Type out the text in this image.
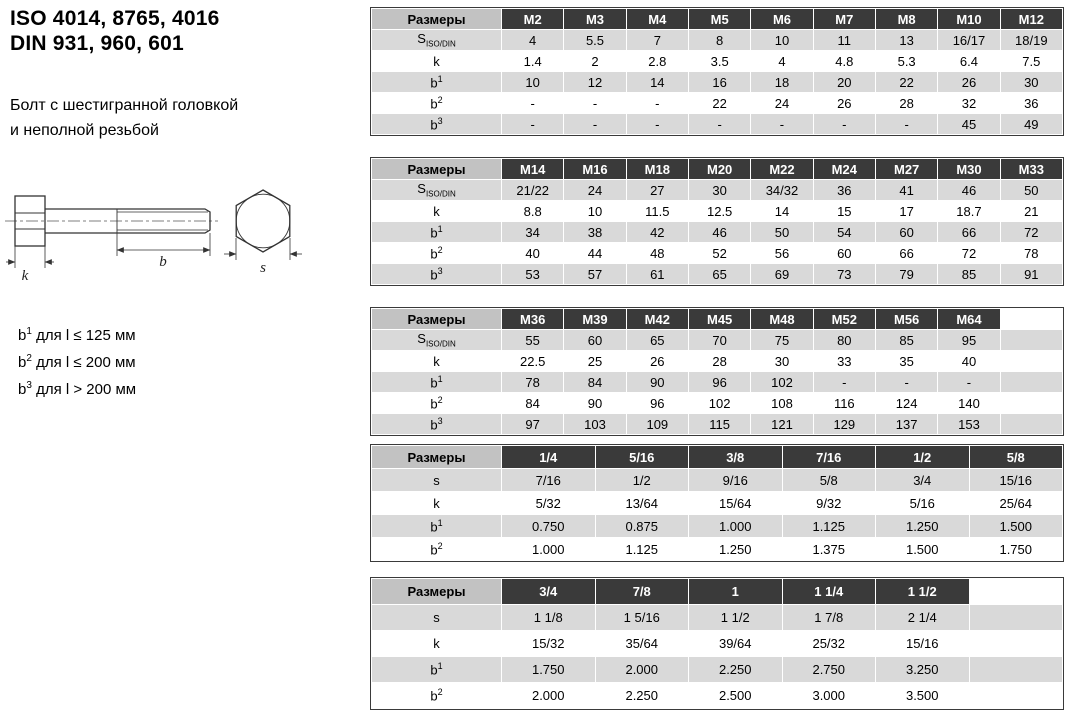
ISO 4014, 8765, 4016
DIN 931, 960, 601
Болт с шестигранной головкой
и неполной резьбой
k
b	s
$b^1$ для l ≤ 125 мм
$b^2$ для l ≤ 200 мм
$b^3$ для l > 200 мм
Размеры	M2	M3	M4	M5	M6	M7	M8	M10	M12
$S_{ISO/DIN}$	4	5.5	7	8	10	11	13	16/17	18/19
k	1.4	2	2.8	3.5	4	4.8	5.3	6.4	7.5
$b^1$	10	12	14	16	18	20	22	26	30
$b^2$	-	-	-	22	24	26	28	32	36
$b^3$	-	-	-	-	-	-	-	45	49
Размеры	M14	M16	M18	M20	M22	M24	M27	M30	M33
$S_{ISO/DIN}$	21/22	24	27	30	34/32	36	41	46	50
k	8.8	10	11.5	12.5	14	15	17	18.7	21
$b^1$	34	38	42	46	50	54	60	66	72
$b^2$	40	44	48	52	56	60	66	72	78
$b^3$	53	57	61	65	69	73	79	85	91
Размеры	M36	M39	M42	M45	M48	M52	M56	M64	
$S_{ISO/DIN}$	55	60	65	70	75	80	85	95	
k	22.5	25	26	28	30	33	35	40	
$b^1$	78	84	90	96	102	-	-	-	
$b^2$	84	90	96	102	108	116	124	140	
$b^3$	97	103	109	115	121	129	137	153	
Размеры	1/4	5/16	3/8	7/16	1/2	5/8
s	7/16	1/2	9/16	5/8	3/4	15/16
k	5/32	13/64	15/64	9/32	5/16	25/64
$b^1$	0.750	0.875	1.000	1.125	1.250	1.500
$b^2$	1.000	1.125	1.250	1.375	1.500	1.750
Размеры	3/4	7/8	1	1 1/4	1 1/2	
s	1 1/8	1 5/16	1 1/2	1 7/8	2 1/4	
k	15/32	35/64	39/64	25/32	15/16	
$b^1$	1.750	2.000	2.250	2.750	3.250	
$b^2$	2.000	2.250	2.500	3.000	3.500	
